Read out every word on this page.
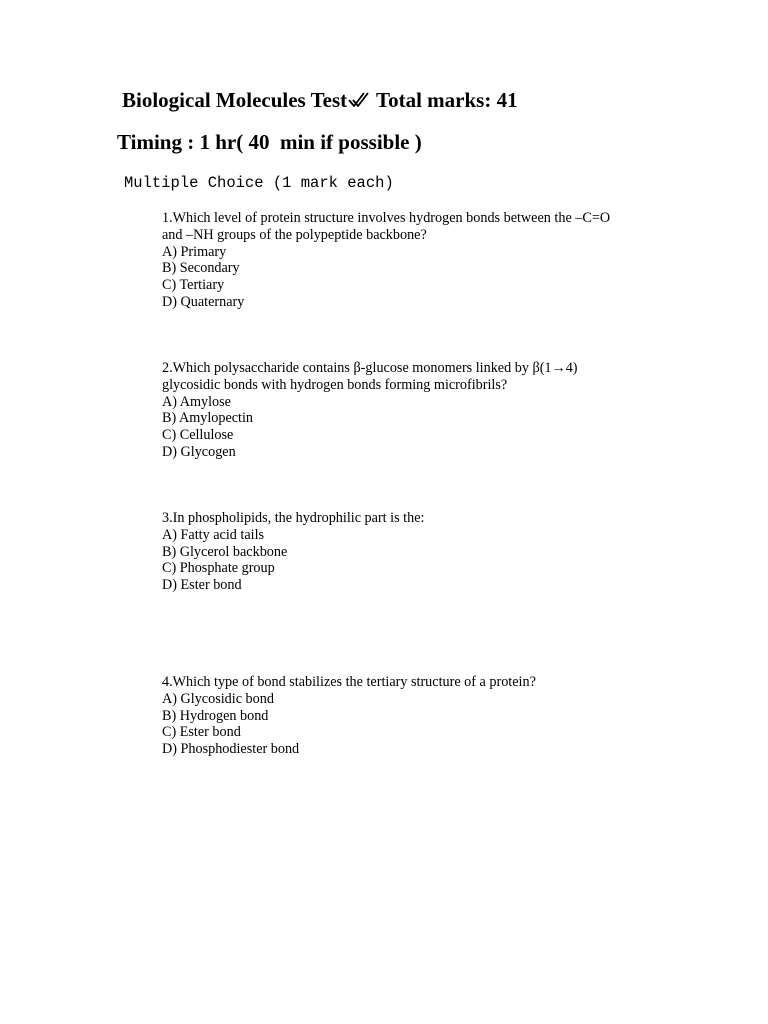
Biological Molecules Test Total marks: 41
Timing : 1 hr( 40  min if possible )
Multiple Choice (1 mark each)
1.Which level of protein structure involves hydrogen bonds between the –C=O
and –NH groups of the polypeptide backbone?
A) Primary
B) Secondary
C) Tertiary
D) Quaternary
2.Which polysaccharide contains β-glucose monomers linked by β(1→4)
glycosidic bonds with hydrogen bonds forming microfibrils?
A) Amylose
B) Amylopectin
C) Cellulose
D) Glycogen
3.In phospholipids, the hydrophilic part is the:
A) Fatty acid tails
B) Glycerol backbone
C) Phosphate group
D) Ester bond
4.Which type of bond stabilizes the tertiary structure of a protein?
A) Glycosidic bond
B) Hydrogen bond
C) Ester bond
D) Phosphodiester bond
